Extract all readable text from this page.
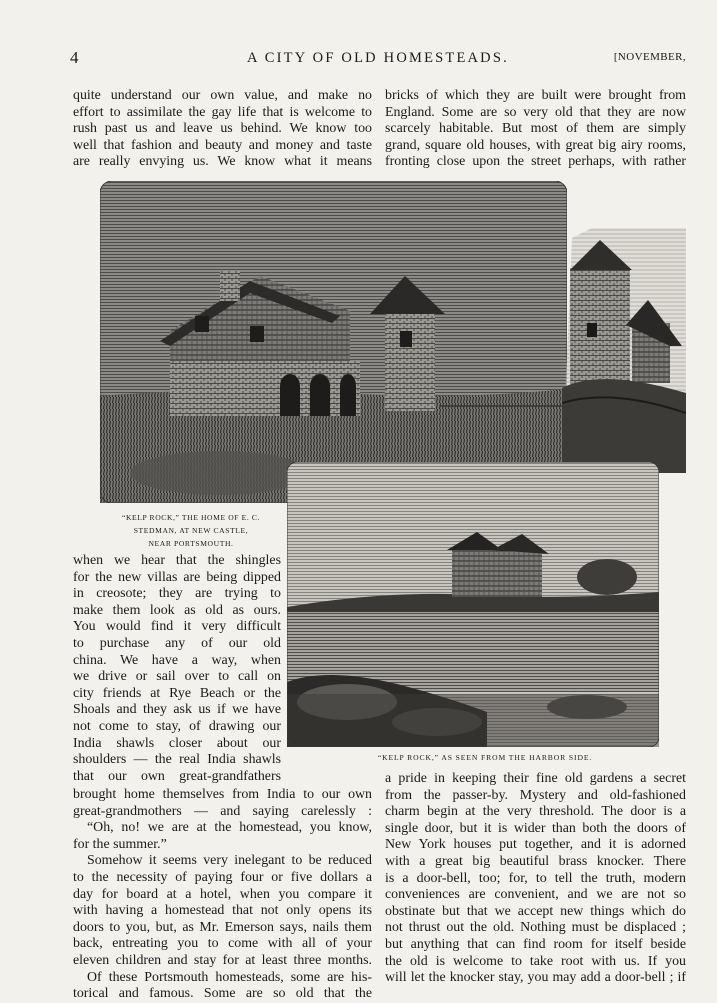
4	A CITY OF OLD HOMESTEADS.	[NOVEMBER,

quite understand our own value, and make no

effort to assimilate the gay life that is welcome to

rush past us and leave us behind. We know too

well that fashion and beauty and money and taste

are really envying us. We know what it means

bricks of which they are built were brought from

England. Some are so very old that they are now

scarcely habitable. But most of them are simply

grand, square old houses, with great big airy rooms,

fronting close upon the street perhaps, with rather

“KELP ROCK,” THE HOME OF E. C.
STEDMAN, AT NEW CASTLE,
NEAR PORTSMOUTH.
“KELP ROCK,” AS SEEN FROM THE HARBOR SIDE.

when we hear that the shingles

for the new villas are being dipped

in creosote; they are trying to

make them look as old as ours.

You would find it very difficult

to purchase any of our old

china. We have a way, when

we drive or sail over to call on

city friends at Rye Beach or the

Shoals and they ask us if we have

not come to stay, of drawing our

India shawls closer about our

shoulders — the real India shawls

that our own great-grandfathers

brought home themselves from India to our own

great-grandmothers — and saying carelessly :

“Oh, no! we are at the homestead, you know,

for the summer.”

Somehow it seems very inelegant to be reduced

to the necessity of paying four or five dollars a

day for board at a hotel, when you compare it

with having a homestead that not only opens its

doors to you, but, as Mr. Emerson says, nails them

back, entreating you to come with all of your

eleven children and stay for at least three months.

Of these Portsmouth homesteads, some are his-

torical and famous. Some are so old that the

a pride in keeping their fine old gardens a secret

from the passer-by. Mystery and old-fashioned

charm begin at the very threshold. The door is a

single door, but it is wider than both the doors of

New York houses put together, and it is adorned

with a great big beautiful brass knocker. There

is a door-bell, too; for, to tell the truth, modern

conveniences are convenient, and we are not so

obstinate but that we accept new things which do

not thrust out the old. Nothing must be displaced ;

but anything that can find room for itself beside

the old is welcome to take root with us. If you

will let the knocker stay, you may add a door-bell ; if
